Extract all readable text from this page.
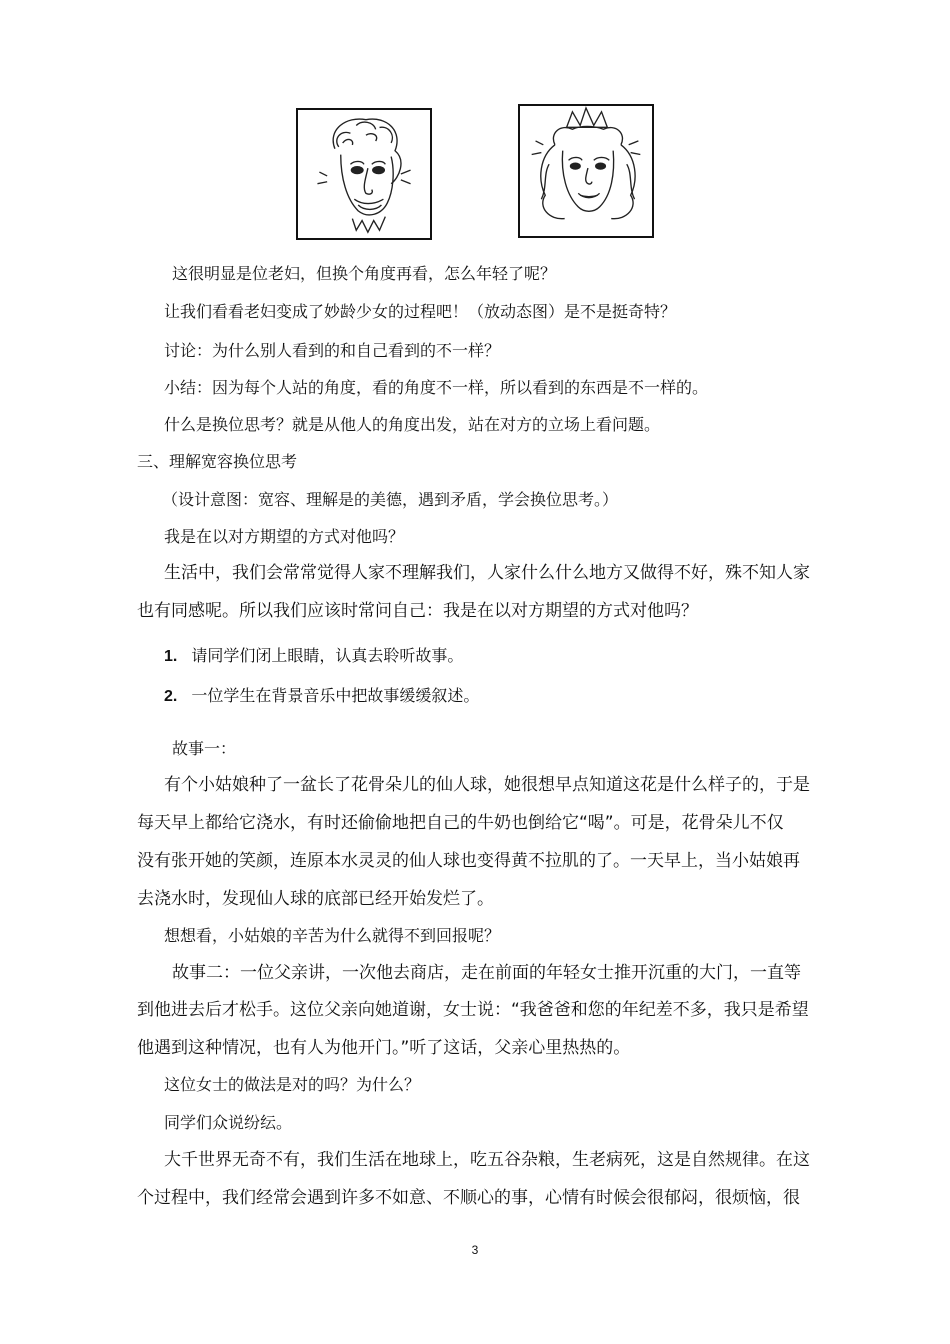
这很明显是位老妇，但换个角度再看，怎么年轻了呢？
让我们看看老妇变成了妙龄少女的过程吧！（放动态图）是不是挺奇特？
讨论：为什么别人看到的和自己看到的不一样？
小结：因为每个人站的角度，看的角度不一样，所以看到的东西是不一样的。
什么是换位思考？就是从他人的角度出发，站在对方的立场上看问题。
三、理解宽容换位思考
（设计意图：宽容、理解是的美德，遇到矛盾，学会换位思考。）
我是在以对方期望的方式对他吗？
生活中，我们会常常觉得人家不理解我们，人家什么什么地方又做得不好，殊不知人家
也有同感呢。所以我们应该时常问自己：我是在以对方期望的方式对他吗？
1. 请同学们闭上眼睛，认真去聆听故事。
2. 一位学生在背景音乐中把故事缓缓叙述。
故事一：
有个小姑娘种了一盆长了花骨朵儿的仙人球，她很想早点知道这花是什么样子的，于是
每天早上都给它浇水，有时还偷偷地把自己的牛奶也倒给它“喝”。可是，花骨朵儿不仅
没有张开她的笑颜，连原本水灵灵的仙人球也变得黄不拉肌的了。一天早上，当小姑娘再
去浇水时，发现仙人球的底部已经开始发烂了。
想想看，小姑娘的辛苦为什么就得不到回报呢？
故事二：一位父亲讲，一次他去商店，走在前面的年轻女士推开沉重的大门，一直等
到他进去后才松手。这位父亲向她道谢，女士说：“我爸爸和您的年纪差不多，我只是希望
他遇到这种情况，也有人为他开门。”听了这话，父亲心里热热的。
这位女士的做法是对的吗？为什么？
同学们众说纷纭。
大千世界无奇不有，我们生活在地球上，吃五谷杂粮，生老病死，这是自然规律。在这
个过程中，我们经常会遇到许多不如意、不顺心的事，心情有时候会很郁闷，很烦恼，很
3
